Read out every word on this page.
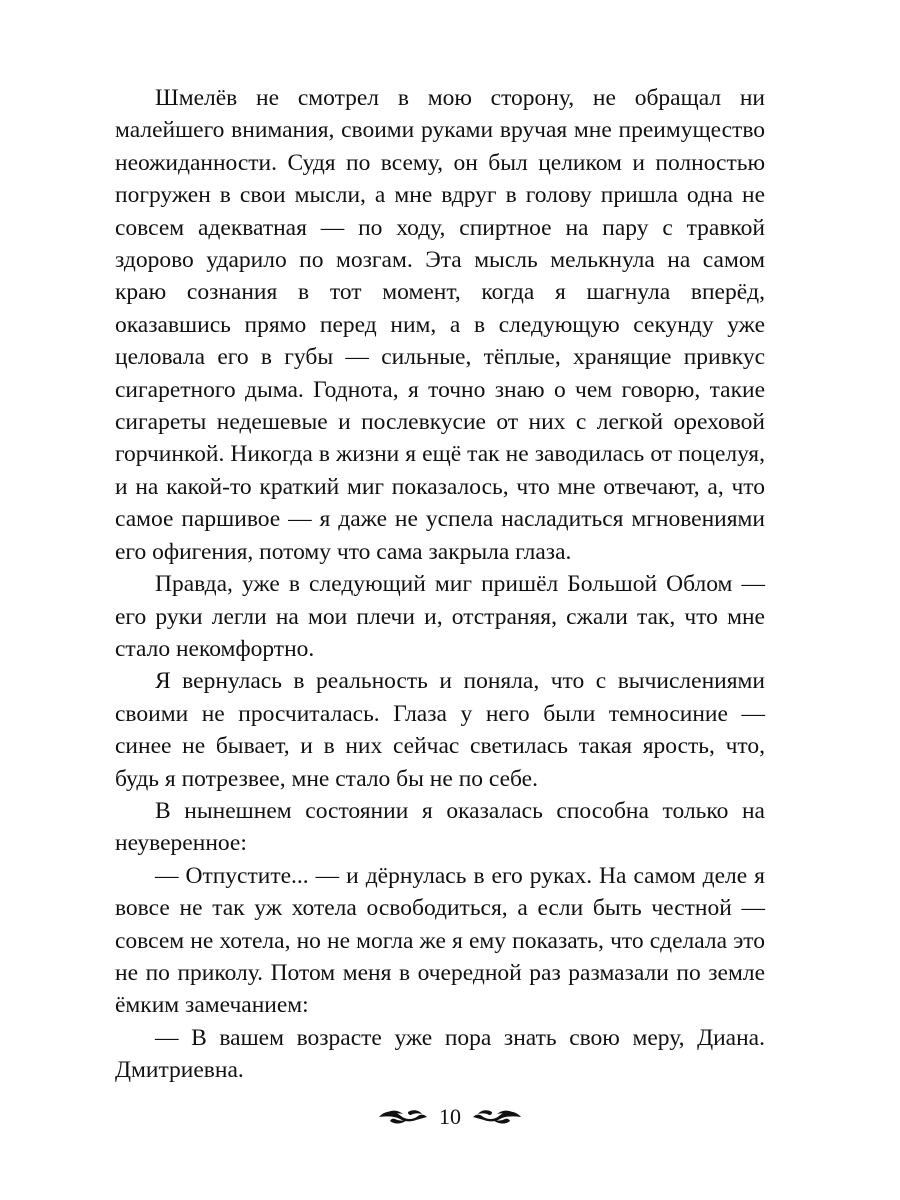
Шмелёв не смотрел в мою сторону, не обращал ни малейшего внимания, своими руками вручая мне преимущество неожиданности. Судя по всему, он был целиком и полностью погружен в свои мысли, а мне вдруг в голову пришла одна не совсем адекватная — по ходу, спиртное на пару с травкой здорово ударило по мозгам. Эта мысль мелькнула на самом краю сознания в тот момент, когда я шагнула вперёд, оказавшись прямо перед ним, а в следующую секунду уже целовала его в губы — сильные, тёплые, хранящие привкус сигаретного дыма. Годнота, я точно знаю о чем говорю, такие сигареты недешевые и послевкусие от них с легкой ореховой горчинкой. Никогда в жизни я ещё так не заводилась от поцелуя, и на какой-то краткий миг показалось, что мне отвечают, а, что самое паршивое — я даже не успела насладиться мгновениями его офигения, потому что сама закрыла глаза.

Правда, уже в следующий миг пришёл Большой Облом — его руки легли на мои плечи и, отстраняя, сжали так, что мне стало некомфортно.

Я вернулась в реальность и поняла, что с вычислениями своими не просчиталась. Глаза у него были темносиние — синее не бывает, и в них сейчас светилась такая ярость, что, будь я потрезвее, мне стало бы не по себе.

В нынешнем состоянии я оказалась способна только на неуверенное:

— Отпустите... — и дёрнулась в его руках. На самом деле я вовсе не так уж хотела освободиться, а если быть честной — совсем не хотела, но не могла же я ему показать, что сделала это не по приколу. Потом меня в очередной раз размазали по земле ёмким замечанием:

— В вашем возрасте уже пора знать свою меру, Диана. Дмитриевна.

10
